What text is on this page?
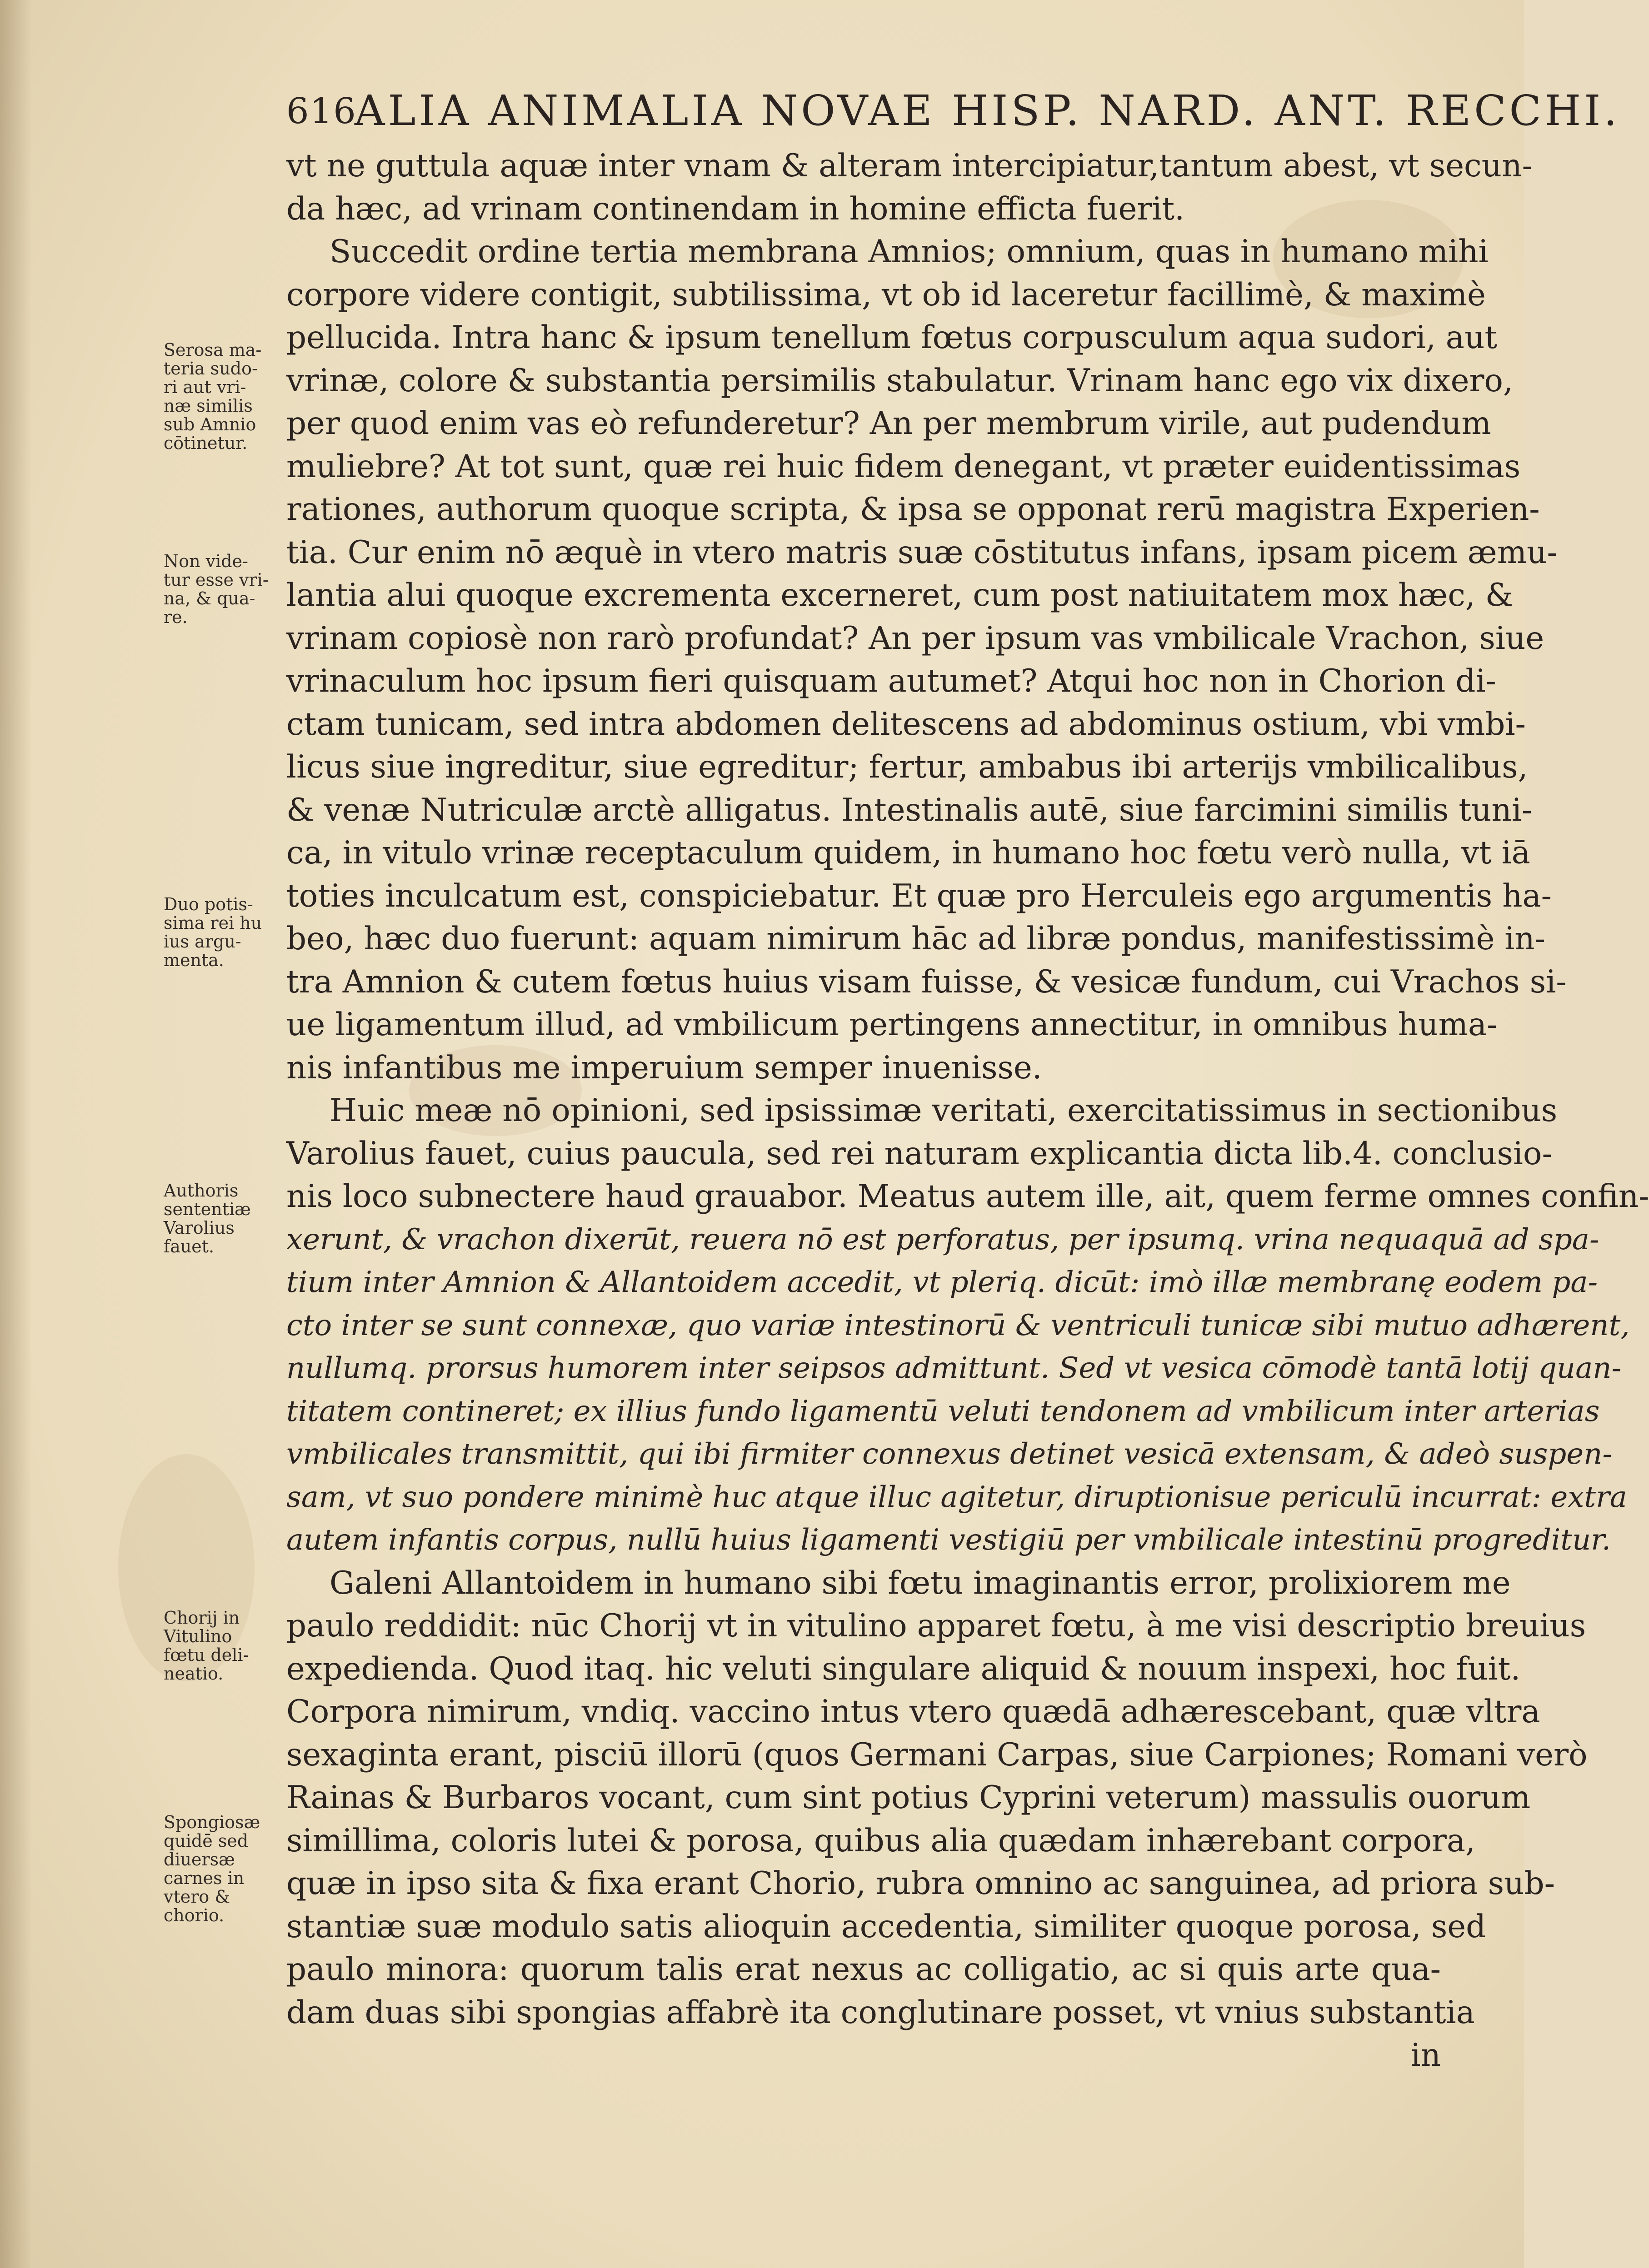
616
ALIA ANIMALIA NOVAE HISP. NARD. ANT. RECCHI.
vt ne guttula aquæ inter vnam & alteram intercipiatur,tantum abest, vt secun-
da hæc, ad vrinam continendam in homine efficta fuerit.
Succedit ordine tertia membrana Amnios; omnium, quas in humano mihi
corpore videre contigit, subtilissima, vt ob id laceretur facillimè, & maximè
pellucida. Intra hanc & ipsum tenellum fœtus corpusculum aqua sudori, aut
vrinæ, colore & substantia persimilis stabulatur. Vrinam hanc ego vix dixero,
per quod enim vas eò refunderetur? An per membrum virile, aut pudendum
muliebre? At tot sunt, quæ rei huic fidem denegant, vt præter euidentissimas
rationes, authorum quoque scripta, & ipsa se opponat rerū magistra Experien-
tia. Cur enim nō æquè in vtero matris suæ cōstitutus infans, ipsam picem æmu-
lantia alui quoque excrementa excerneret, cum post natiuitatem mox hæc, &
vrinam copiosè non rarò profundat? An per ipsum vas vmbilicale Vrachon, siue
vrinaculum hoc ipsum fieri quisquam autumet? Atqui hoc non in Chorion di-
ctam tunicam, sed intra abdomen delitescens ad abdominus ostium, vbi vmbi-
licus siue ingreditur, siue egreditur; fertur, ambabus ibi arterijs vmbilicalibus,
& venæ Nutriculæ arctè alligatus. Intestinalis autē, siue farcimini similis tuni-
ca, in vitulo vrinæ receptaculum quidem, in humano hoc fœtu verò nulla, vt iā
toties inculcatum est, conspiciebatur. Et quæ pro Herculeis ego argumentis ha-
beo, hæc duo fuerunt: aquam nimirum hāc ad libræ pondus, manifestissimè in-
tra Amnion & cutem fœtus huius visam fuisse, & vesicæ fundum, cui Vrachos si-
ue ligamentum illud, ad vmbilicum pertingens annectitur, in omnibus huma-
nis infantibus me imperuium semper inuenisse.
Huic meæ nō opinioni, sed ipsissimæ veritati, exercitatissimus in sectionibus
Varolius fauet, cuius paucula, sed rei naturam explicantia dicta lib.4. conclusio-
nis loco subnectere haud grauabor. Meatus autem ille, ait, quem ferme omnes confin-
xerunt, & vrachon dixerūt, reuera nō est perforatus, per ipsumq. vrina nequaquā ad spa-
tium inter Amnion & Allantoidem accedit, vt pleriq. dicūt: imò illæ membranę eodem pa-
cto inter se sunt connexæ, quo variæ intestinorū & ventriculi tunicæ sibi mutuo adhærent,
nullumq. prorsus humorem inter seipsos admittunt. Sed vt vesica cōmodè tantā lotij quan-
titatem contineret; ex illius fundo ligamentū veluti tendonem ad vmbilicum inter arterias
vmbilicales transmittit, qui ibi firmiter connexus detinet vesicā extensam, & adeò suspen-
sam, vt suo pondere minimè huc atque illuc agitetur, diruptionisue periculū incurrat: extra
autem infantis corpus, nullū huius ligamenti vestigiū per vmbilicale intestinū progreditur.
Galeni Allantoidem in humano sibi fœtu imaginantis error, prolixiorem me
paulo reddidit: nūc Chorij vt in vitulino apparet fœtu, à me visi descriptio breuius
expedienda. Quod itaq. hic veluti singulare aliquid & nouum inspexi, hoc fuit.
Corpora nimirum, vndiq. vaccino intus vtero quædā adhærescebant, quæ vltra
sexaginta erant, pisciū illorū (quos Germani Carpas, siue Carpiones; Romani verò
Rainas & Burbaros vocant, cum sint potius Cyprini veterum) massulis ouorum
simillima, coloris lutei & porosa, quibus alia quædam inhærebant corpora,
quæ in ipso sita & fixa erant Chorio, rubra omnino ac sanguinea, ad priora sub-
stantiæ suæ modulo satis alioquin accedentia, similiter quoque porosa, sed
paulo minora: quorum talis erat nexus ac colligatio, ac si quis arte qua-
dam duas sibi spongias affabrè ita conglutinare posset, vt vnius substantia
in
Serosa ma-
teria sudo-
ri aut vri-
næ similis
sub Amnio
cōtinetur.
Non vide-
tur esse vri-
na, & qua-
re.
Duo potis-
sima rei hu
ius argu-
menta.
Authoris
sententiæ
Varolius
fauet.
Chorij in
Vitulino
fœtu deli-
neatio.
Spongiosæ
quidē sed
diuersæ
carnes in
vtero &
chorio.
